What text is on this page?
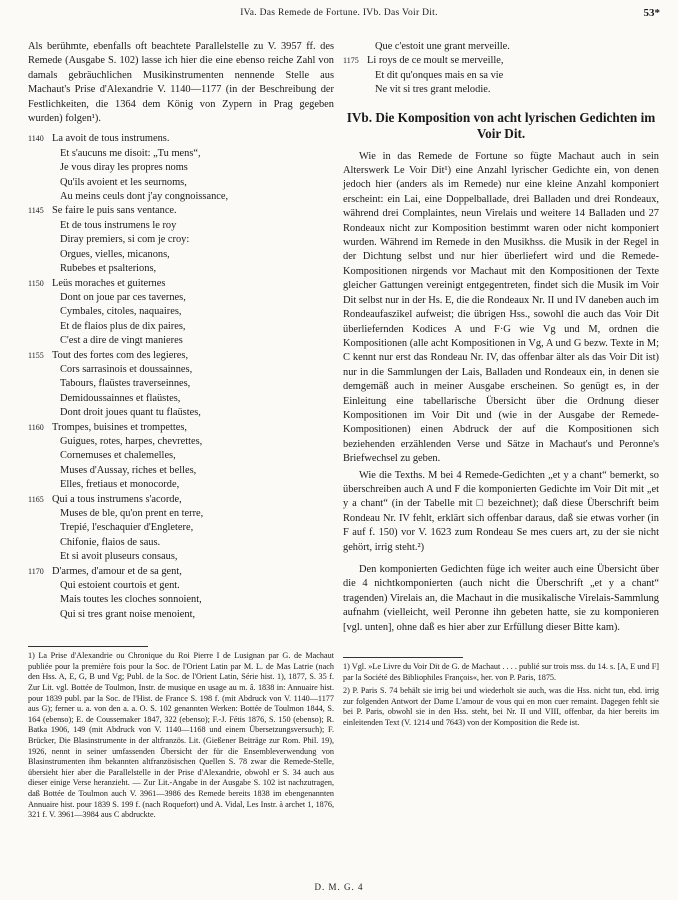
IVa. Das Remede de Fortune. IVb. Das Voir Dit.	53*

Als berühmte, ebenfalls oft beachtete Parallelstelle zu V. 3957 ff. des Remede (Ausgabe S. 102) lasse ich hier die eine ebenso reiche Zahl von damals gebräuchlichen Musikinstrumenten nennende Stelle aus Machaut's Prise d'Alexandrie V. 1140—1177 (in der Beschreibung der Festlichkeiten, die 1364 dem König von Zypern in Prag gegeben wurden) folgen¹).

1140 La avoit de tous instrumens.
Et s'aucuns me disoit: „Tu mens“,
Je vous diray les propres noms
Qu'ils avoient et les seurnoms,
Au meins ceuls dont j'ay congnoissance,
1145 Se faire le puis sans ventance.
Et de tous instrumens le roy
Diray premiers, si com je croy:
Orgues, vielles, micanons,
Rubebes et psalterions,
1150 Leüs moraches et guiternes
Dont on joue par ces tavernes,
Cymbales, citoles, naquaires,
Et de flaios plus de dix paires,
C'est a dire de vingt manieres
1155 Tout des fortes com des legieres,
Cors sarrasinois et doussainnes,
Tabours, flaüstes traverseinnes,
Demidoussainnes et flaüstes,
Dont droit joues quant tu flaüstes,
1160 Trompes, buisines et trompettes,
Guigues, rotes, harpes, chevrettes,
Cornemuses et chalemelles,
Muses d'Aussay, riches et belles,
Elles, fretiaus et monocorde,
1165 Qui a tous instrumens s'acorde,
Muses de ble, qu'on prent en terre,
Trepié, l'eschaquier d'Engletere,
Chifonie, flaios de saus.
Et si avoit pluseurs consaus,
1170 D'armes, d'amour et de sa gent,
Qui estoient courtois et gent.
Mais toutes les cloches sonnoient,
Qui si tres grant noise menoient,
1) La Prise d'Alexandrie ou Chronique du Roi Pierre I de Lusignan par G. de Machaut publiée pour la première fois pour la Soc. de l'Orient Latin par M. L. de Mas Latrie (nach den Hss. A, E, G, B und Vg; Publ. de la Soc. de l'Orient Latin, Série hist. 1), 1877, S. 35 f. Zur Lit. vgl. Bottée de Toulmon, Instr. de musique en usage au m. â. 1838 in: Annuaire hist. pour 1839 publ. par la Soc. de l'Hist. de France S. 198 f. (mit Abdruck von V. 1140—1177 aus G); ferner u. a. von den a. a. O. S. 102 genannten Werken: Bottée de Toulmon 1844, S. 164 (ebenso); E. de Coussemaker 1847, 322 (ebenso); F.-J. Fétis 1876, S. 150 (ebenso); R. Batka 1906, 149 (mit Abdruck von V. 1140—1168 und einem Übersetzungsversuch); F. Brücker, Die Blasinstrumente in der altfranzös. Lit. (Gießener Beiträge zur Rom. Phil. 19), 1926, nennt in seiner umfassenden Übersicht der für die Ensembleverwendung von Blasinstrumenten ihm bekannten altfranzösischen Quellen S. 78 zwar die Remede-Stelle, übersieht hier aber die Parallelstelle in der Prise d'Alexandrie, obwohl er S. 34 auch aus dieser einige Verse heranzieht. — Zur Lit.-Angabe in der Ausgabe S. 102 ist nachzutragen, daß Bottée de Toulmon auch V. 3961—3986 des Remede bereits 1838 im ebengenannten Annuaire hist. pour 1839 S. 199 f. (nach Roquefort) und A. Vidal, Les Instr. à archet 1, 1876, 321 f. V. 3961—3984 aus C abdruckte.
Que c'estoit une grant merveille.
1175 Li roys de ce moult se merveille,
Et dit qu'onques mais en sa vie
Ne vit si tres grant melodie.
IVb. Die Komposition von acht lyrischen Gedichten im Voir Dit.

Wie in das Remede de Fortune so fügte Machaut auch in sein Alterswerk Le Voir Dit¹) eine Anzahl lyrischer Gedichte ein, von denen jedoch hier (anders als im Remede) nur eine kleine Anzahl komponiert erscheint: ein Lai, eine Doppelballade, drei Balladen und drei Rondeaux, während drei Complaintes, neun Virelais und weitere 14 Balladen und 27 Rondeaux nicht zur Komposition bestimmt waren oder nicht komponiert wurden. Während im Remede in den Musikhss. die Musik in der Regel in der Dichtung selbst und nur hier überliefert wird und die Remede-Kompositionen nirgends vor Machaut mit den Kompositionen der Texte gleicher Gattungen vereinigt entgegentreten, findet sich die Musik im Voir Dit selbst nur in der Hs. E, die die Rondeaux Nr. II und IV daneben auch im Rondeaufaszikel aufweist; die übrigen Hss., sowohl die auch das Voir Dit überliefernden Kodices A und F·G wie Vg und M, ordnen die Kompositionen (alle acht Kompositionen in Vg, A und G bezw. Texte in M; C kennt nur erst das Rondeau Nr. IV, das offenbar älter als das Voir Dit ist) nur in die Sammlungen der Lais, Balladen und Rondeaux ein, in denen sie demgemäß auch in meiner Ausgabe erscheinen. So genügt es, in der Einleitung eine tabellarische Übersicht über die Ordnung dieser Kompositionen im Voir Dit und (wie in der Ausgabe der Remede-Kompositionen) einen Abdruck der auf die Kompositionen sich beziehenden erzählenden Verse und Sätze in Machaut's und Peronne's Briefwechsel zu geben.

Wie die Texths. M bei 4 Remede-Gedichten „et y a chant“ bemerkt, so überschreiben auch A und F die komponierten Gedichte im Voir Dit mit „et y a chant“ (in der Tabelle mit □ bezeichnet); daß diese Überschrift beim Rondeau Nr. IV fehlt, erklärt sich offenbar daraus, daß sie etwas vorher (in F auf f. 150) vor V. 1623 zum Rondeau Se mes cuers art, zu der sie nicht gehört, irrig steht.²)

Den komponierten Gedichten füge ich weiter auch eine Übersicht über die 4 nichtkomponierten (auch nicht die Überschrift „et y a chant“ tragenden) Virelais an, die Machaut in die musikalische Virelais-Sammlung aufnahm (vielleicht, weil Peronne ihn gebeten hatte, sie zu komponieren [vgl. unten], ohne daß es hier aber zur Erfüllung dieser Bitte kam).

1) Vgl. »Le Livre du Voir Dit de G. de Machaut . . . . publié sur trois mss. du 14. s. [A, E und F] par la Société des Bibliophiles François«, her. von P. Paris, 1875.
2) P. Paris S. 74 behält sie irrig bei und wiederholt sie auch, was die Hss. nicht tun, ebd. irrig zur folgenden Antwort der Dame L'amour de vous qui en mon cuer remaint. Dagegen fehlt sie bei P. Paris, obwohl sie in den Hss. steht, bei Nr. II und VIII, offenbar, da hier bereits im einleitenden Text (V. 1214 und 7643) von der Komposition die Rede ist.
D. M. G. 4
